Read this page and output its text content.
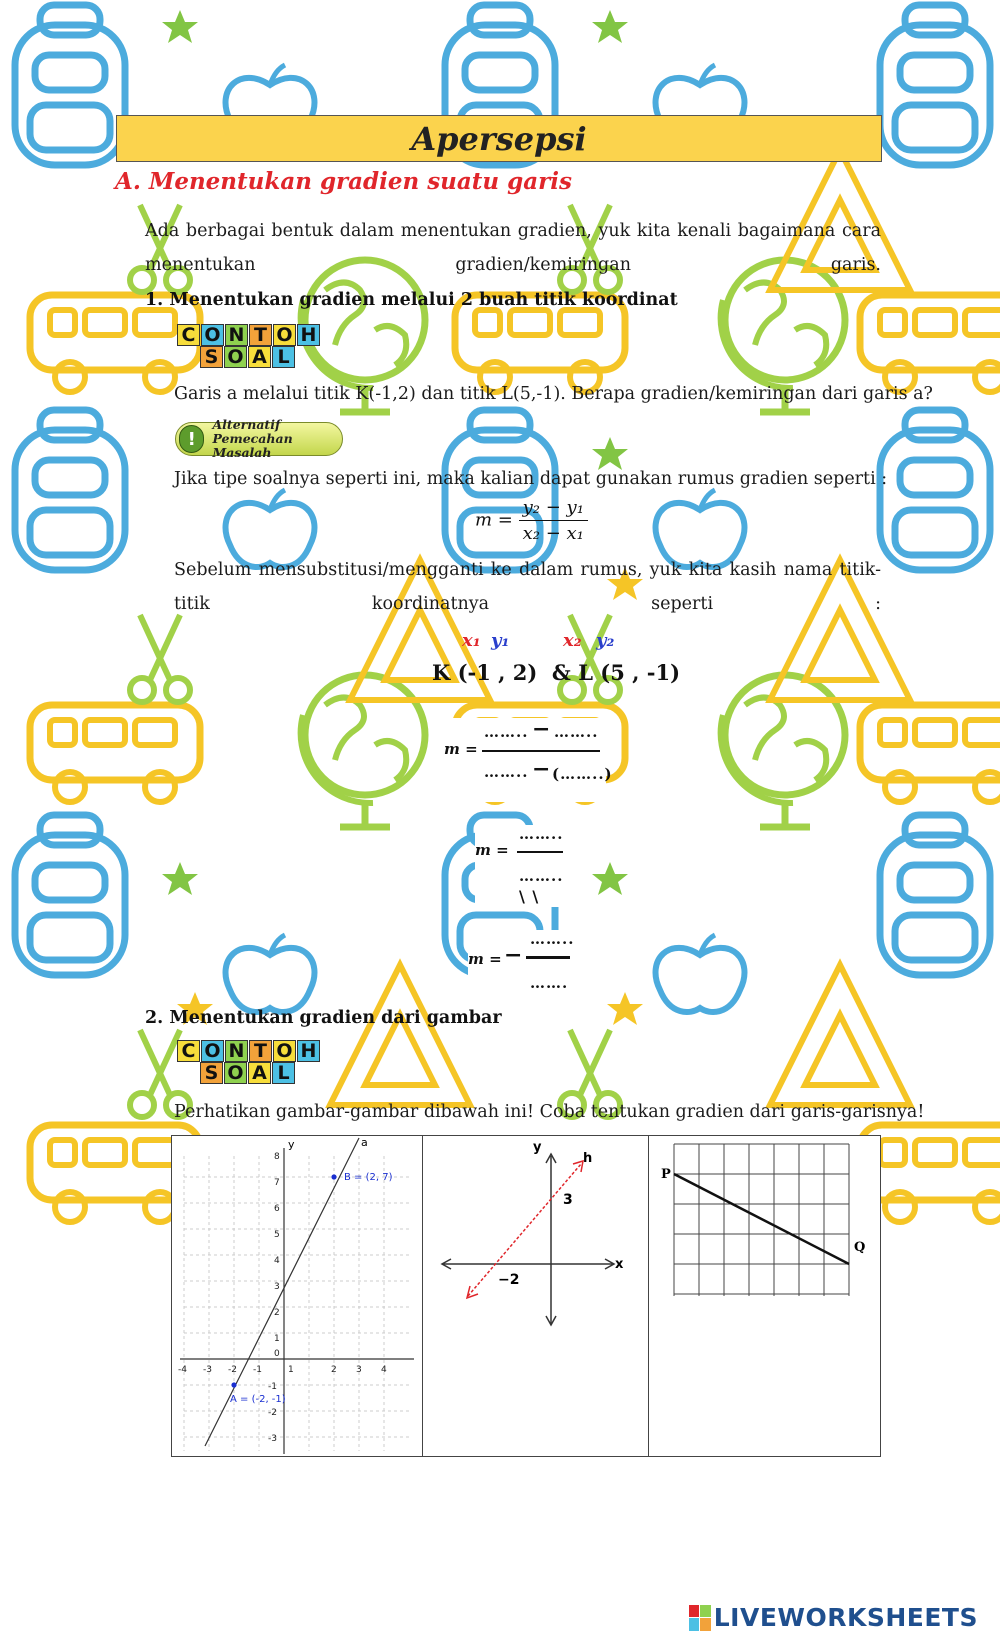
Apersepsi
A. Menentukan gradien suatu garis
Ada berbagai bentuk dalam menentukan gradien, yuk kita kenali bagaimana cara menentukan gradien/kemiringan garis.
1. Menentukan gradien melalui 2 buah titik koordinat
C O N T O H
S O A L
Garis a melalui titik K(-1,2) dan titik L(5,-1). Berapa gradien/kemiringan dari garis a?
!
Alternatif
Pemecahan Masalah
Jika tipe soalnya seperti ini, maka kalian dapat gunakan rumus gradien seperti :
$m = \frac{\text{y₂ − y₁}}{\text{x₂ − x₁}}$
Sebelum mensubstitusi/mengganti ke dalam rumus, yuk kita kasih nama titik-titik koordinatnya seperti :
x₁ y₁	x₂ y₂
K (-1 , 2)  & L (5 , -1)
m =
…….. − ……..
…….. − (……..)
m =
……..
……..
\ \
m = −
……..
…….
2. Menentukan gradien dari gambar
C O N T O H
S O A L
Perhatikan gambar-gambar dibawah ini! Coba tentukan gradien dari garis-garisnya!
y	a
-4 -3 -2 -1
0
1	2 3 4
8
7
6
5
4
3
2
1
-1
-2
-3
A = (-2, -1)
B = (2, 7)
y
x
h
3
−2
P
Q
LIVEWORKSHEETS
